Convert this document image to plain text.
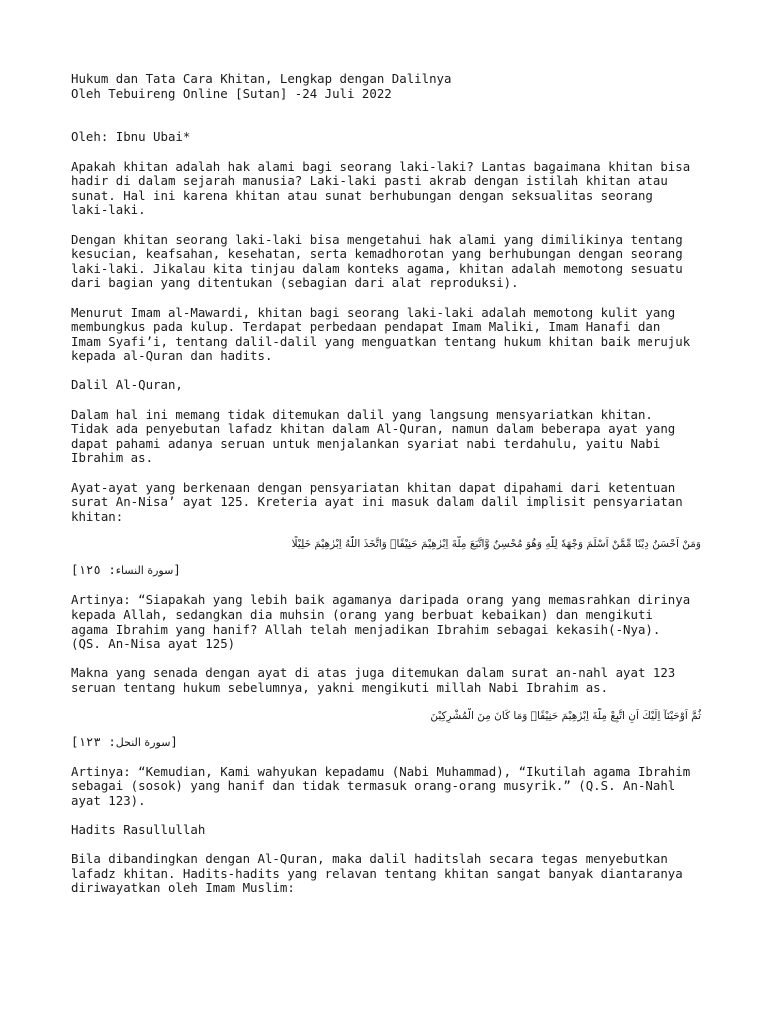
Hukum dan Tata Cara Khitan, Lengkap dengan Dalilnya

Oleh Tebuireng Online [Sutan] -24 Juli 2022

Oleh: Ibnu Ubai*

Apakah khitan adalah hak alami bagi seorang laki-laki? Lantas bagaimana khitan bisa
hadir di dalam sejarah manusia? Laki-laki pasti akrab dengan istilah khitan atau
sunat. Hal ini karena khitan atau sunat berhubungan dengan seksualitas seorang
laki-laki.

Dengan khitan seorang laki-laki bisa mengetahui hak alami yang dimilikinya tentang
kesucian, keafsahan, kesehatan, serta kemadhorotan yang berhubungan dengan seorang
laki-laki. Jikalau kita tinjau dalam konteks agama, khitan adalah memotong sesuatu
dari bagian yang ditentukan (sebagian dari alat reproduksi).

Menurut Imam al-Mawardi, khitan bagi seorang laki-laki adalah memotong kulit yang
membungkus pada kulup. Terdapat perbedaan pendapat Imam Maliki, Imam Hanafi dan
Imam Syafi’i, tentang dalil-dalil yang menguatkan tentang hukum khitan baik merujuk
kepada al-Quran dan hadits.

Dalil Al-Quran,

Dalam hal ini memang tidak ditemukan dalil yang langsung mensyariatkan khitan.
Tidak ada penyebutan lafadz khitan dalam Al-Quran, namun dalam beberapa ayat yang
dapat pahami adanya seruan untuk menjalankan syariat nabi terdahulu, yaitu Nabi
Ibrahim as.

Ayat-ayat yang berkenaan dengan pensyariatan khitan dapat dipahami dari ketentuan
surat An-Nisa’ ayat 125. Kreteria ayat ini masuk dalam dalil implisit pensyariatan
khitan:

وَمَنْ اَحْسَنُ دِيْنًا مِّمَّنْ اَسْلَمَ وَجْهَهٗ لِلّٰهِ وَهُوَ مُحْسِنٌ وَّاتَّبَعَ مِلَّةَ اِبْرٰهِيْمَ حَنِيْفًاۗ وَاتَّخَذَ اللّٰهُ اِبْرٰهِيْمَ خَلِيْلًا
[	سورة النساء: ١٢٥]

Artinya: “Siapakah yang lebih baik agamanya daripada orang yang memasrahkan dirinya
kepada Allah, sedangkan dia muhsin (orang yang berbuat kebaikan) dan mengikuti
agama Ibrahim yang hanif? Allah telah menjadikan Ibrahim sebagai kekasih(-Nya).
(QS. An-Nisa ayat 125)

Makna yang senada dengan ayat di atas juga ditemukan dalam surat an-nahl ayat 123
seruan tentang hukum sebelumnya, yakni mengikuti millah Nabi Ibrahim as.

ثُمَّ اَوْحَيْنَآ اِلَيْكَ اَنِ اتَّبِعْ مِلَّةَ اِبْرٰهِيْمَ حَنِيْفًاۗ وَمَا كَانَ مِنَ الْمُشْرِكِيْنَ
[	سورة النحل: ١٢٣]

Artinya: “Kemudian, Kami wahyukan kepadamu (Nabi Muhammad), “Ikutilah agama Ibrahim
sebagai (sosok) yang hanif dan tidak termasuk orang-orang musyrik.” (Q.S. An-Nahl
ayat 123).

Hadits Rasullullah

Bila dibandingkan dengan Al-Quran, maka dalil haditslah secara tegas menyebutkan
lafadz khitan. Hadits-hadits yang relavan tentang khitan sangat banyak diantaranya
diriwayatkan oleh Imam Muslim:
